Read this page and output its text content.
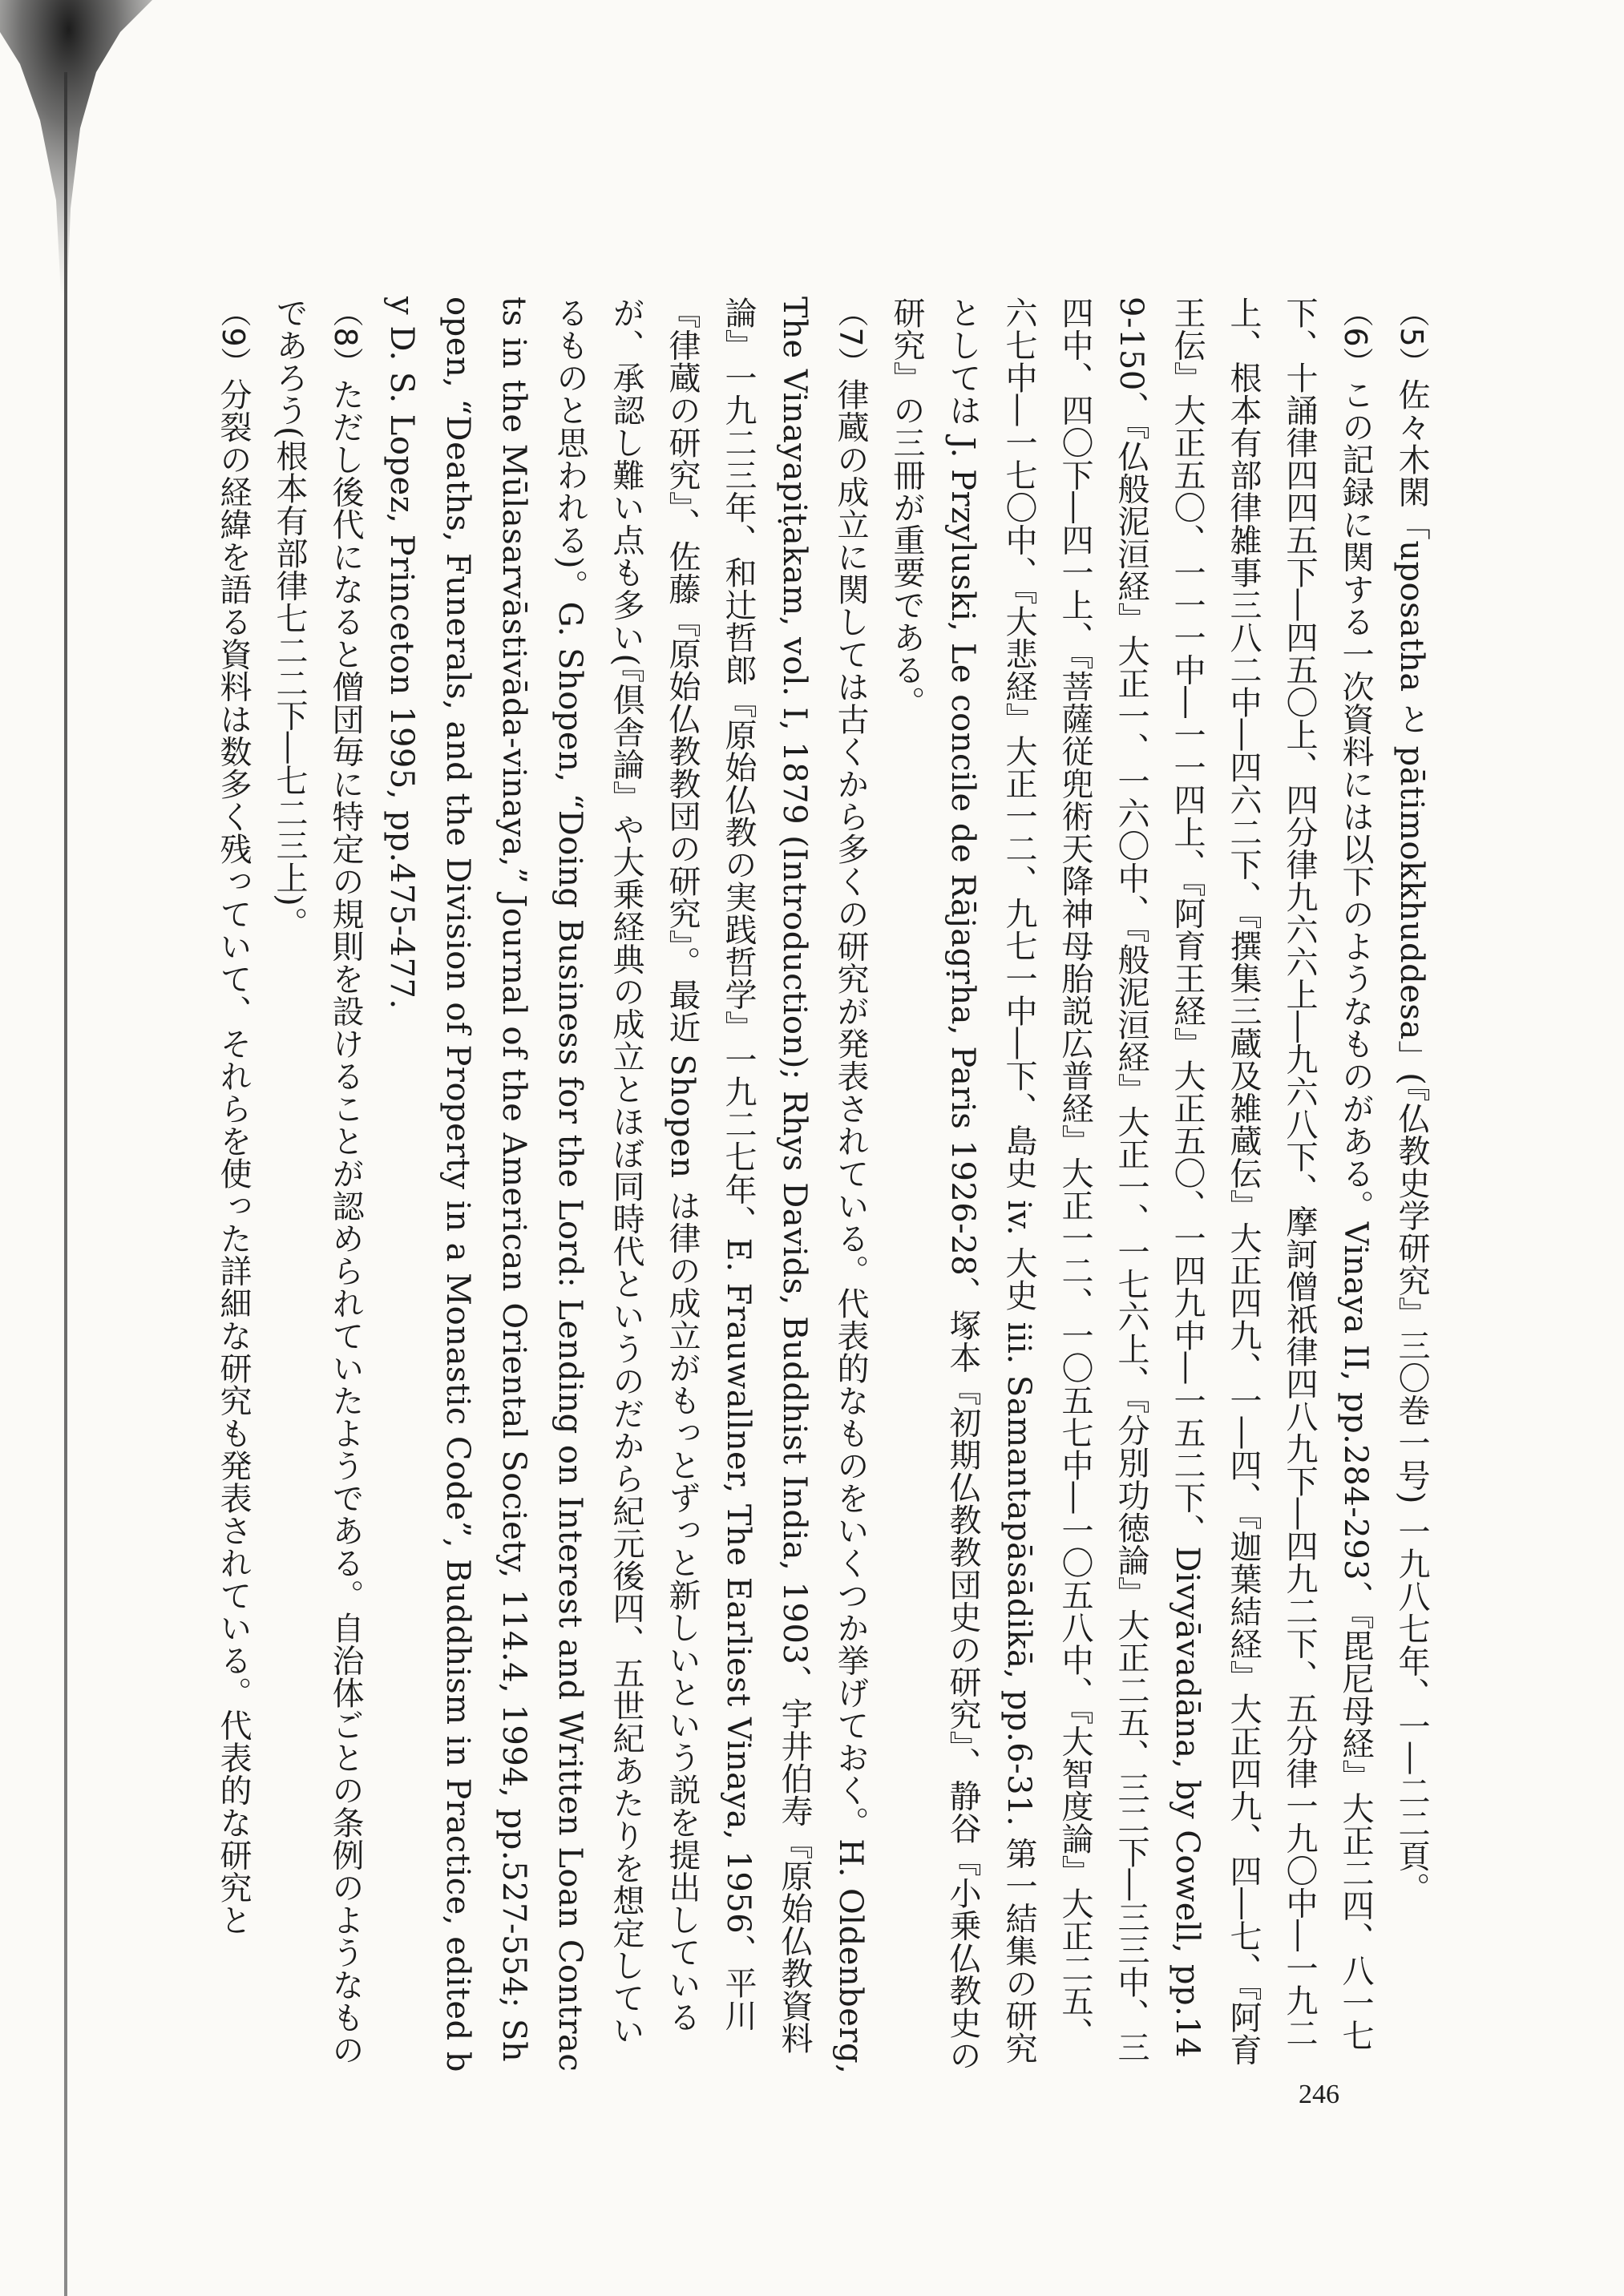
（5）佐々木閑「uposatha と pātimokkhuddesa」(『仏教史学研究』三〇巻一号) 一九八七年、一―二二頁。

（6）この記録に関する一次資料には以下のようなものがある。Vinaya II, pp.284-293、『毘尼母経』大正二四、八一七下、十誦律四四五下―四五〇上、四分律九六六上―九六八下、摩訶僧祇律四八九下―四九二下、五分律一九〇中―一九二上、根本有部律雑事三八二中―四六二下、『撰集三蔵及雑蔵伝』大正四九、一―四、『迦葉結経』大正四九、四―七、『阿育王伝』大正五〇、一一一中―一一四上、『阿育王経』大正五〇、一四九中―一五二下、Divyāvadāna, by Cowell, pp.149-150、『仏般泥洹経』大正一、一六〇中、『般泥洹経』大正一、一七六上、『分別功徳論』大正二五、三二下―三三中、三四中、四〇下―四一上、『菩薩従兜術天降神母胎説広普経』大正一二、一〇五七中―一〇五八中、『大智度論』大正二五、六七中―一七〇中、『大悲経』大正一二、九七一中―下、島史 iv. 大史 iii. Samantapāsādikā, pp.6-31. 第一結集の研究としては J. Przyluski, Le concile de Rājagṛha, Paris 1926-28、塚本『初期仏教教団史の研究』、静谷『小乗仏教史の研究』の三冊が重要である。

（7）律蔵の成立に関しては古くから多くの研究が発表されている。代表的なものをいくつか挙げておく。H. Oldenberg, The Vinayapiṭakam, vol. I, 1879 (Introduction); Rhys Davids, Buddhist India, 1903、宇井伯寿『原始仏教資料論』一九二三年、和辻哲郎『原始仏教の実践哲学』一九二七年、E. Frauwallner, The Earliest Vinaya, 1956、平川『律蔵の研究』、佐藤『原始仏教教団の研究』。最近 Shopen は律の成立がもっとずっと新しいという説を提出しているが、承認し難い点も多い(『倶舎論』や大乗経典の成立とほぼ同時代というのだから紀元後四、五世紀あたりを想定しているものと思われる)。G. Shopen, “Doing Business for the Lord: Lending on Interest and Written Loan Contracts in the Mūlasarvāstivāda-vinaya,” Journal of the American Oriental Society, 114.4, 1994, pp.527-554; Shopen, “Deaths, Funerals, and the Division of Property in a Monastic Code”, Buddhism in Practice, edited by D. S. Lopez, Princeton 1995, pp.475-477.

（8）ただし後代になると僧団毎に特定の規則を設けることが認められていたようである。自治体ごとの条例のようなものであろう(根本有部律七二二下―七二三上)。

（9）分裂の経緯を語る資料は数多く残っていて、それらを使った詳細な研究も発表されている。代表的な研究と

246
